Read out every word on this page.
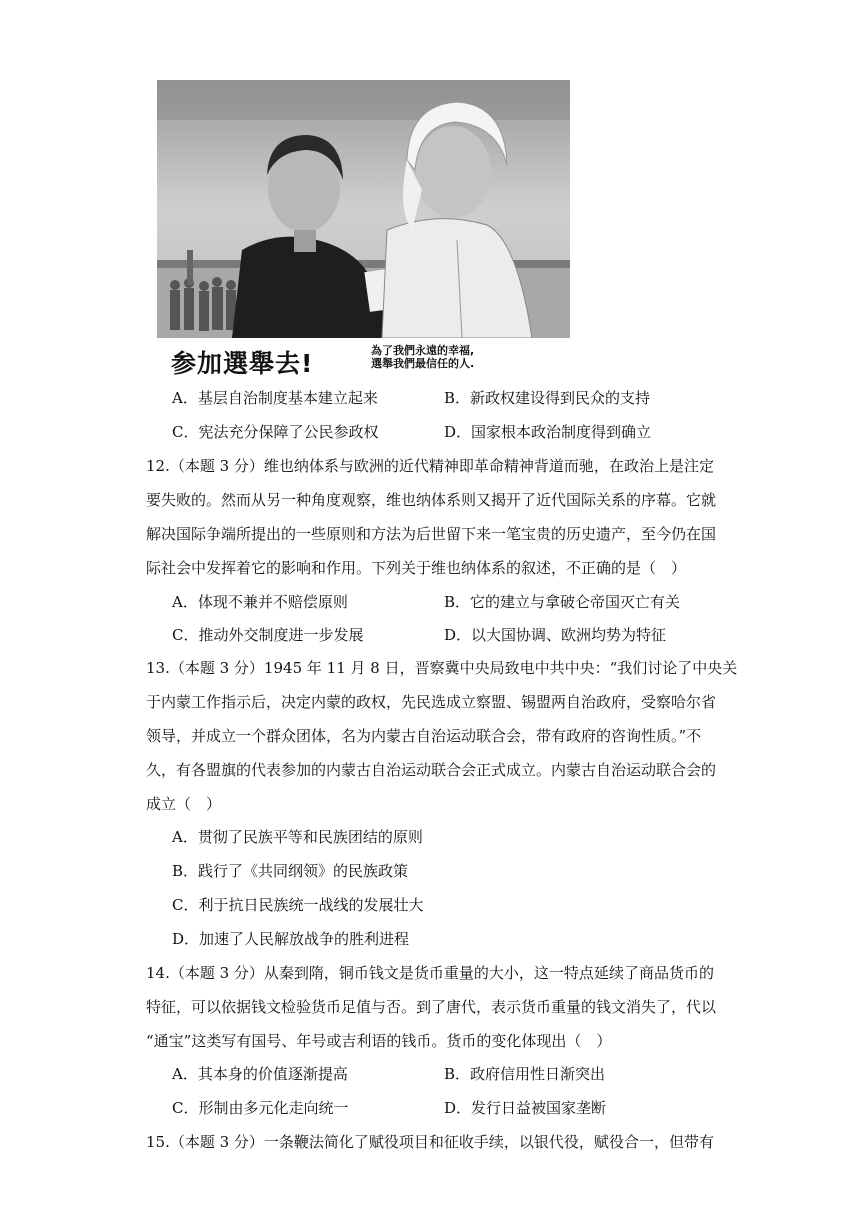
参加選舉去!	為了我們永遠的幸福,
選舉我們最信任的人.
A．基层自治制度基本建立起来	B．新政权建设得到民众的支持
C．宪法充分保障了公民参政权	D．国家根本政治制度得到确立
12.（本题 3 分）维也纳体系与欧洲的近代精神即革命精神背道而驰，在政治上是注定
要失败的。然而从另一种角度观察，维也纳体系则又揭开了近代国际关系的序幕。它就
解决国际争端所提出的一些原则和方法为后世留下来一笔宝贵的历史遗产，至今仍在国
际社会中发挥着它的影响和作用。下列关于维也纳体系的叙述，不正确的是（　）
A．体现不兼并不赔偿原则	B．它的建立与拿破仑帝国灭亡有关
C．推动外交制度进一步发展	D．以大国协调、欧洲均势为特征
13.（本题 3 分）1945 年 11 月 8 日，晋察冀中央局致电中共中央：“我们讨论了中央关
于内蒙工作指示后，决定内蒙的政权，先民选成立察盟、锡盟两自治政府，受察哈尔省
领导，并成立一个群众团体，名为内蒙古自治运动联合会，带有政府的咨询性质。”不
久，有各盟旗的代表参加的内蒙古自治运动联合会正式成立。内蒙古自治运动联合会的
成立（　）
A．贯彻了民族平等和民族团结的原则
B．践行了《共同纲领》的民族政策
C．利于抗日民族统一战线的发展壮大
D．加速了人民解放战争的胜利进程
14.（本题 3 分）从秦到隋，铜币钱文是货币重量的大小，这一特点延续了商品货币的
特征，可以依据钱文检验货币足值与否。到了唐代，表示货币重量的钱文消失了，代以
“通宝”这类写有国号、年号或吉利语的钱币。货币的变化体现出（　）
A．其本身的价值逐渐提高	B．政府信用性日渐突出
C．形制由多元化走向统一	D．发行日益被国家垄断
15.（本题 3 分）一条鞭法简化了赋役项目和征收手续，以银代役，赋役合一，但带有
